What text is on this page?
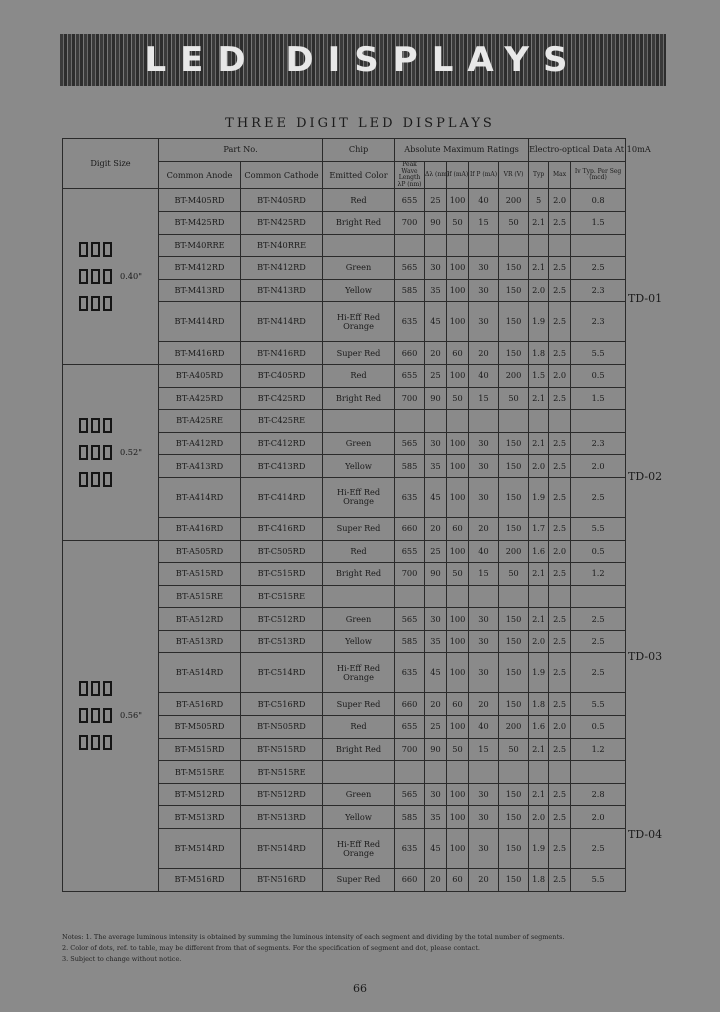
LED DISPLAYS
THREE DIGIT LED DISPLAYS
Digit Size	Part No.		Chip	Absolute Maximum Ratings					Electro-optical Data At 10mA		
	Common Anode	Common Cathode	Emitted Color	Peak Wave Length λP (nm)	Δλ (nm)	If (mA)	If P (mA)	VR (V)	Typ	Max	Iv Typ. Per Seg (mcd)

0.40"	BT-M405RD	BT-N405RD	Red	655	25	100	40	200	5	2.0	0.8
	BT-M425RD	BT-N425RD	Bright Red	700	90	50	15	50	2.1	2.5	1.5
	BT-M40RRE	BT-N40RRE									
	BT-M412RD	BT-N412RD	Green	565	30	100	30	150	2.1	2.5	2.5
	BT-M413RD	BT-N413RD	Yellow	585	35	100	30	150	2.0	2.5	2.3
	BT-M414RD	BT-N414RD	Hi-Eff Red
Orange	635	45	100	30	150	1.9	2.5	2.3
	BT-M416RD	BT-N416RD	Super Red	660	20	60	20	150	1.8	2.5	5.5

0.52"	BT-A405RD	BT-C405RD	Red	655	25	100	40	200	1.5	2.0	0.5
	BT-A425RD	BT-C425RD	Bright Red	700	90	50	15	50	2.1	2.5	1.5
	BT-A425RE	BT-C425RE									
	BT-A412RD	BT-C412RD	Green	565	30	100	30	150	2.1	2.5	2.3
	BT-A413RD	BT-C413RD	Yellow	585	35	100	30	150	2.0	2.5	2.0
	BT-A414RD	BT-C414RD	Hi-Eff Red
Orange	635	45	100	30	150	1.9	2.5	2.5
	BT-A416RD	BT-C416RD	Super Red	660	20	60	20	150	1.7	2.5	5.5

0.56"	BT-A505RD	BT-C505RD	Red	655	25	100	40	200	1.6	2.0	0.5
	BT-A515RD	BT-C515RD	Bright Red	700	90	50	15	50	2.1	2.5	1.2
	BT-A515RE	BT-C515RE									
	BT-A512RD	BT-C512RD	Green	565	30	100	30	150	2.1	2.5	2.5
	BT-A513RD	BT-C513RD	Yellow	585	35	100	30	150	2.0	2.5	2.5
	BT-A514RD	BT-C514RD	Hi-Eff Red
Orange	635	45	100	30	150	1.9	2.5	2.5
	BT-A516RD	BT-C516RD	Super Red	660	20	60	20	150	1.8	2.5	5.5
	BT-M505RD	BT-N505RD	Red	655	25	100	40	200	1.6	2.0	0.5
	BT-M515RD	BT-N515RD	Bright Red	700	90	50	15	50	2.1	2.5	1.2
	BT-M515RE	BT-N515RE									
	BT-M512RD	BT-N512RD	Green	565	30	100	30	150	2.1	2.5	2.8
	BT-M513RD	BT-N513RD	Yellow	585	35	100	30	150	2.0	2.5	2.0
	BT-M514RD	BT-N514RD	Hi-Eff Red
Orange	635	45	100	30	150	1.9	2.5	2.5
	BT-M516RD	BT-N516RD	Super Red	660	20	60	20	150	1.8	2.5	5.5
TD-01
TD-02
TD-03
TD-04
Notes: 1. The average luminous intensity is obtained by summing the luminous intensity of each segment and dividing by the total number of segments.
2. Color of dots, ref. to table, may be different from that of segments. For the specification of segment and dot, please contact.
3. Subject to change without notice.
66
